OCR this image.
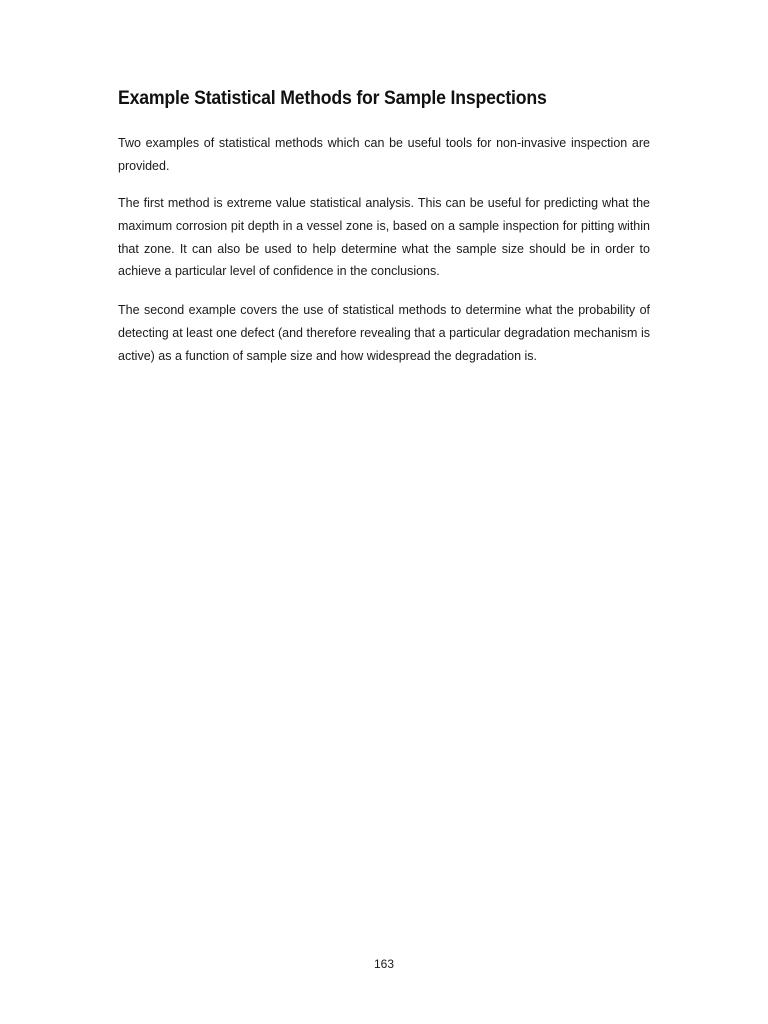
Example Statistical Methods for Sample Inspections

Two examples of statistical methods which can be useful tools for non-invasive inspection are provided.

The first method is extreme value statistical analysis. This can be useful for predicting what the maximum corrosion pit depth in a vessel zone is, based on a sample inspection for pitting within that zone. It can also be used to help determine what the sample size should be in order to achieve a particular level of confidence in the conclusions.

The second example covers the use of statistical methods to determine what the probability of detecting at least one defect (and therefore revealing that a particular degradation mechanism is active) as a function of sample size and how widespread the degradation is.

163
